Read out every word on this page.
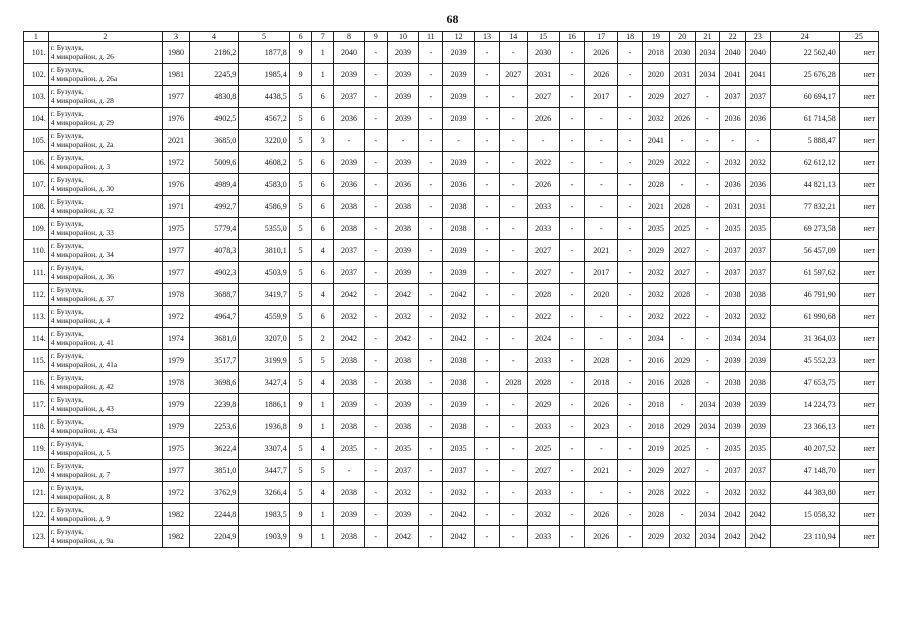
68
1	2	3	4	5	6	7	8	9	10	11	12	13	14	15	16	17	18	19	20	21	22	23	24	25
101.	г. Бузулук,
4 микрорайон, д. 26	1980	2186,2	1877,8	9	1	2040	-	2039	-	2039	-	-	2030	-	2026	-	2018	2030	2034	2040	2040	22 562,40	нет
102.	г. Бузулук,
4 микрорайон, д. 26а	1981	2245,9	1985,4	9	1	2039	-	2039	-	2039	-	2027	2031	-	2026	-	2020	2031	2034	2041	2041	25 676,28	нет
103.	г. Бузулук,
4 микрорайон, д. 28	1977	4830,8	4438,5	5	6	2037	-	2039	-	2039	-	-	2027	-	2017	-	2029	2027	-	2037	2037	60 694,17	нет
104.	г. Бузулук,
4 микрорайон, д. 29	1976	4902,5	4567,2	5	6	2036	-	2039	-	2039	-	-	2026	-	-	-	2032	2026	-	2036	2036	61 714,58	нет
105.	г. Бузулук,
4 микрорайон, д. 2а	2021	3685,0	3220,0	5	3	-	-	-	-	-	-	-	-	-	-	-	2041	-	-	-	-	5 888,47	нет
106.	г. Бузулук,
4 микрорайон, д. 3	1972	5009,6	4608,2	5	6	2039	-	2039	-	2039	-	-	2022	-	-	-	2029	2022	-	2032	2032	62 612,12	нет
107.	г. Бузулук,
4 микрорайон, д. 30	1976	4989,4	4583,0	5	6	2036	-	2036	-	2036	-	-	2026	-	-	-	2028	-	-	2036	2036	44 821,13	нет
108.	г. Бузулук,
4 микрорайон, д. 32	1971	4992,7	4586,9	5	6	2038	-	2038	-	2038	-	-	2033	-	-	-	2021	2028	-	2031	2031	77 832,21	нет
109.	г. Бузулук,
4 микрорайон, д. 33	1975	5779,4	5355,0	5	6	2038	-	2038	-	2038	-	-	2033	-	-	-	2035	2025	-	2035	2035	69 273,58	нет
110.	г. Бузулук,
4 микрорайон, д. 34	1977	4078,3	3810,1	5	4	2037	-	2039	-	2039	-	-	2027	-	2021	-	2029	2027	-	2037	2037	56 457,09	нет
111.	г. Бузулук,
4 микрорайон, д. 36	1977	4902,3	4503,9	5	6	2037	-	2039	-	2039	-	-	2027	-	2017	-	2032	2027	-	2037	2037	61 597,62	нет
112.	г. Бузулук,
4 микрорайон, д. 37	1978	3688,7	3419,7	5	4	2042	-	2042	-	2042	-	-	2028	-	2020	-	2032	2028	-	2038	2038	46 791,90	нет
113.	г. Бузулук,
4 микрорайон, д. 4	1972	4964,7	4559,9	5	6	2032	-	2032	-	2032	-	-	2022	-	-	-	2032	2022	-	2032	2032	61 990,68	нет
114.	г. Бузулук,
4 микрорайон, д. 41	1974	3681,0	3207,0	5	2	2042	-	2042	-	2042	-	-	2024	-	-	-	2034	-	-	2034	2034	31 364,03	нет
115.	г. Бузулук,
4 микрорайон, д. 41а	1979	3517,7	3199,9	5	5	2038	-	2038	-	2038	-	-	2033	-	2028	-	2016	2029	-	2039	2039	45 552,23	нет
116.	г. Бузулук,
4 микрорайон, д. 42	1978	3698,6	3427,4	5	4	2038	-	2038	-	2038	-	2028	2028	-	2018	-	2016	2028	-	2038	2038	47 653,75	нет
117.	г. Бузулук,
4 микрорайон, д. 43	1979	2239,8	1886,1	9	1	2039	-	2039	-	2039	-	-	2029	-	2026	-	2018	-	2034	2039	2039	14 224,73	нет
118.	г. Бузулук,
4 микрорайон, д. 43а	1979	2253,6	1936,8	9	1	2038	-	2038	-	2038	-	-	2033	-	2023	-	2018	2029	2034	2039	2039	23 366,13	нет
119.	г. Бузулук,
4 микрорайон, д. 5	1975	3622,4	3307,4	5	4	2035	-	2035	-	2035	-	-	2025	-	-	-	2019	2025	-	2035	2035	40 207,52	нет
120.	г. Бузулук,
4 микрорайон, д. 7	1977	3851,0	3447,7	5	5	-	-	2037	-	2037	-	-	2027	-	2021	-	2029	2027	-	2037	2037	47 148,70	нет
121.	г. Бузулук,
4 микрорайон, д. 8	1972	3762,9	3266,4	5	4	2038	-	2032	-	2032	-	-	2033	-	-	-	2028	2022	-	2032	2032	44 383,80	нет
122.	г. Бузулук,
4 микрорайон, д. 9	1982	2244,8	1983,5	9	1	2039	-	2039	-	2042	-	-	2032	-	2026	-	2028	-	2034	2042	2042	15 058,32	нет
123.	г. Бузулук,
4 микрорайон, д. 9а	1982	2204,9	1903,9	9	1	2038	-	2042	-	2042	-	-	2033	-	2026	-	2029	2032	2034	2042	2042	23 110,94	нет
